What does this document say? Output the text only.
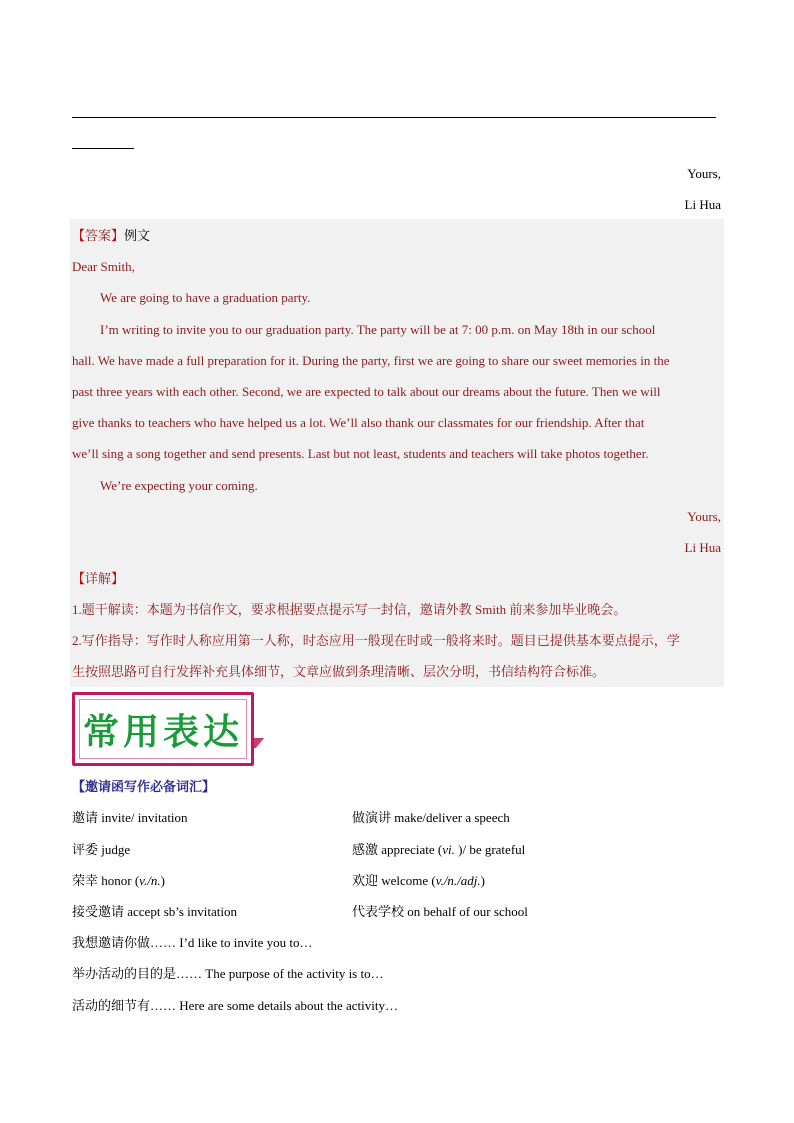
Yours,
Li Hua
【答案】例文
Dear Smith,
We are going to have a graduation party.
I’m writing to invite you to our graduation party. The party will be at 7: 00 p.m. on May 18th in our school
hall. We have made a full preparation for it. During the party, first we are going to share our sweet memories in the
past three years with each other. Second, we are expected to talk about our dreams about the future. Then we will
give thanks to teachers who have helped us a lot. We’ll also thank our classmates for our friendship. After that
we’ll sing a song together and send presents. Last but not least, students and teachers will take photos together.
We’re expecting your coming.
Yours,
Li Hua
【详解】
1.题干解读：本题为书信作文，要求根据要点提示写一封信，邀请外教 Smith 前来参加毕业晚会。
2.写作指导：写作时人称应用第一人称，时态应用一般现在时或一般将来时。题目已提供基本要点提示，学
生按照思路可自行发挥补充具体细节，文章应做到条理清晰、层次分明，书信结构符合标准。
常用表达
【邀请函写作必备词汇】
邀请 invite/ invitation	做演讲 make/deliver a speech
评委 judge	感激 appreciate (vi. )/ be grateful
荣幸 honor (v./n.)	欢迎 welcome (v./n./adj.)
接受邀请 accept sb’s invitation	代表学校 on behalf of our school
我想邀请你做…… I’d like to invite you to…
举办活动的目的是…… The purpose of the activity is to…
活动的细节有…… Here are some details about the activity…
